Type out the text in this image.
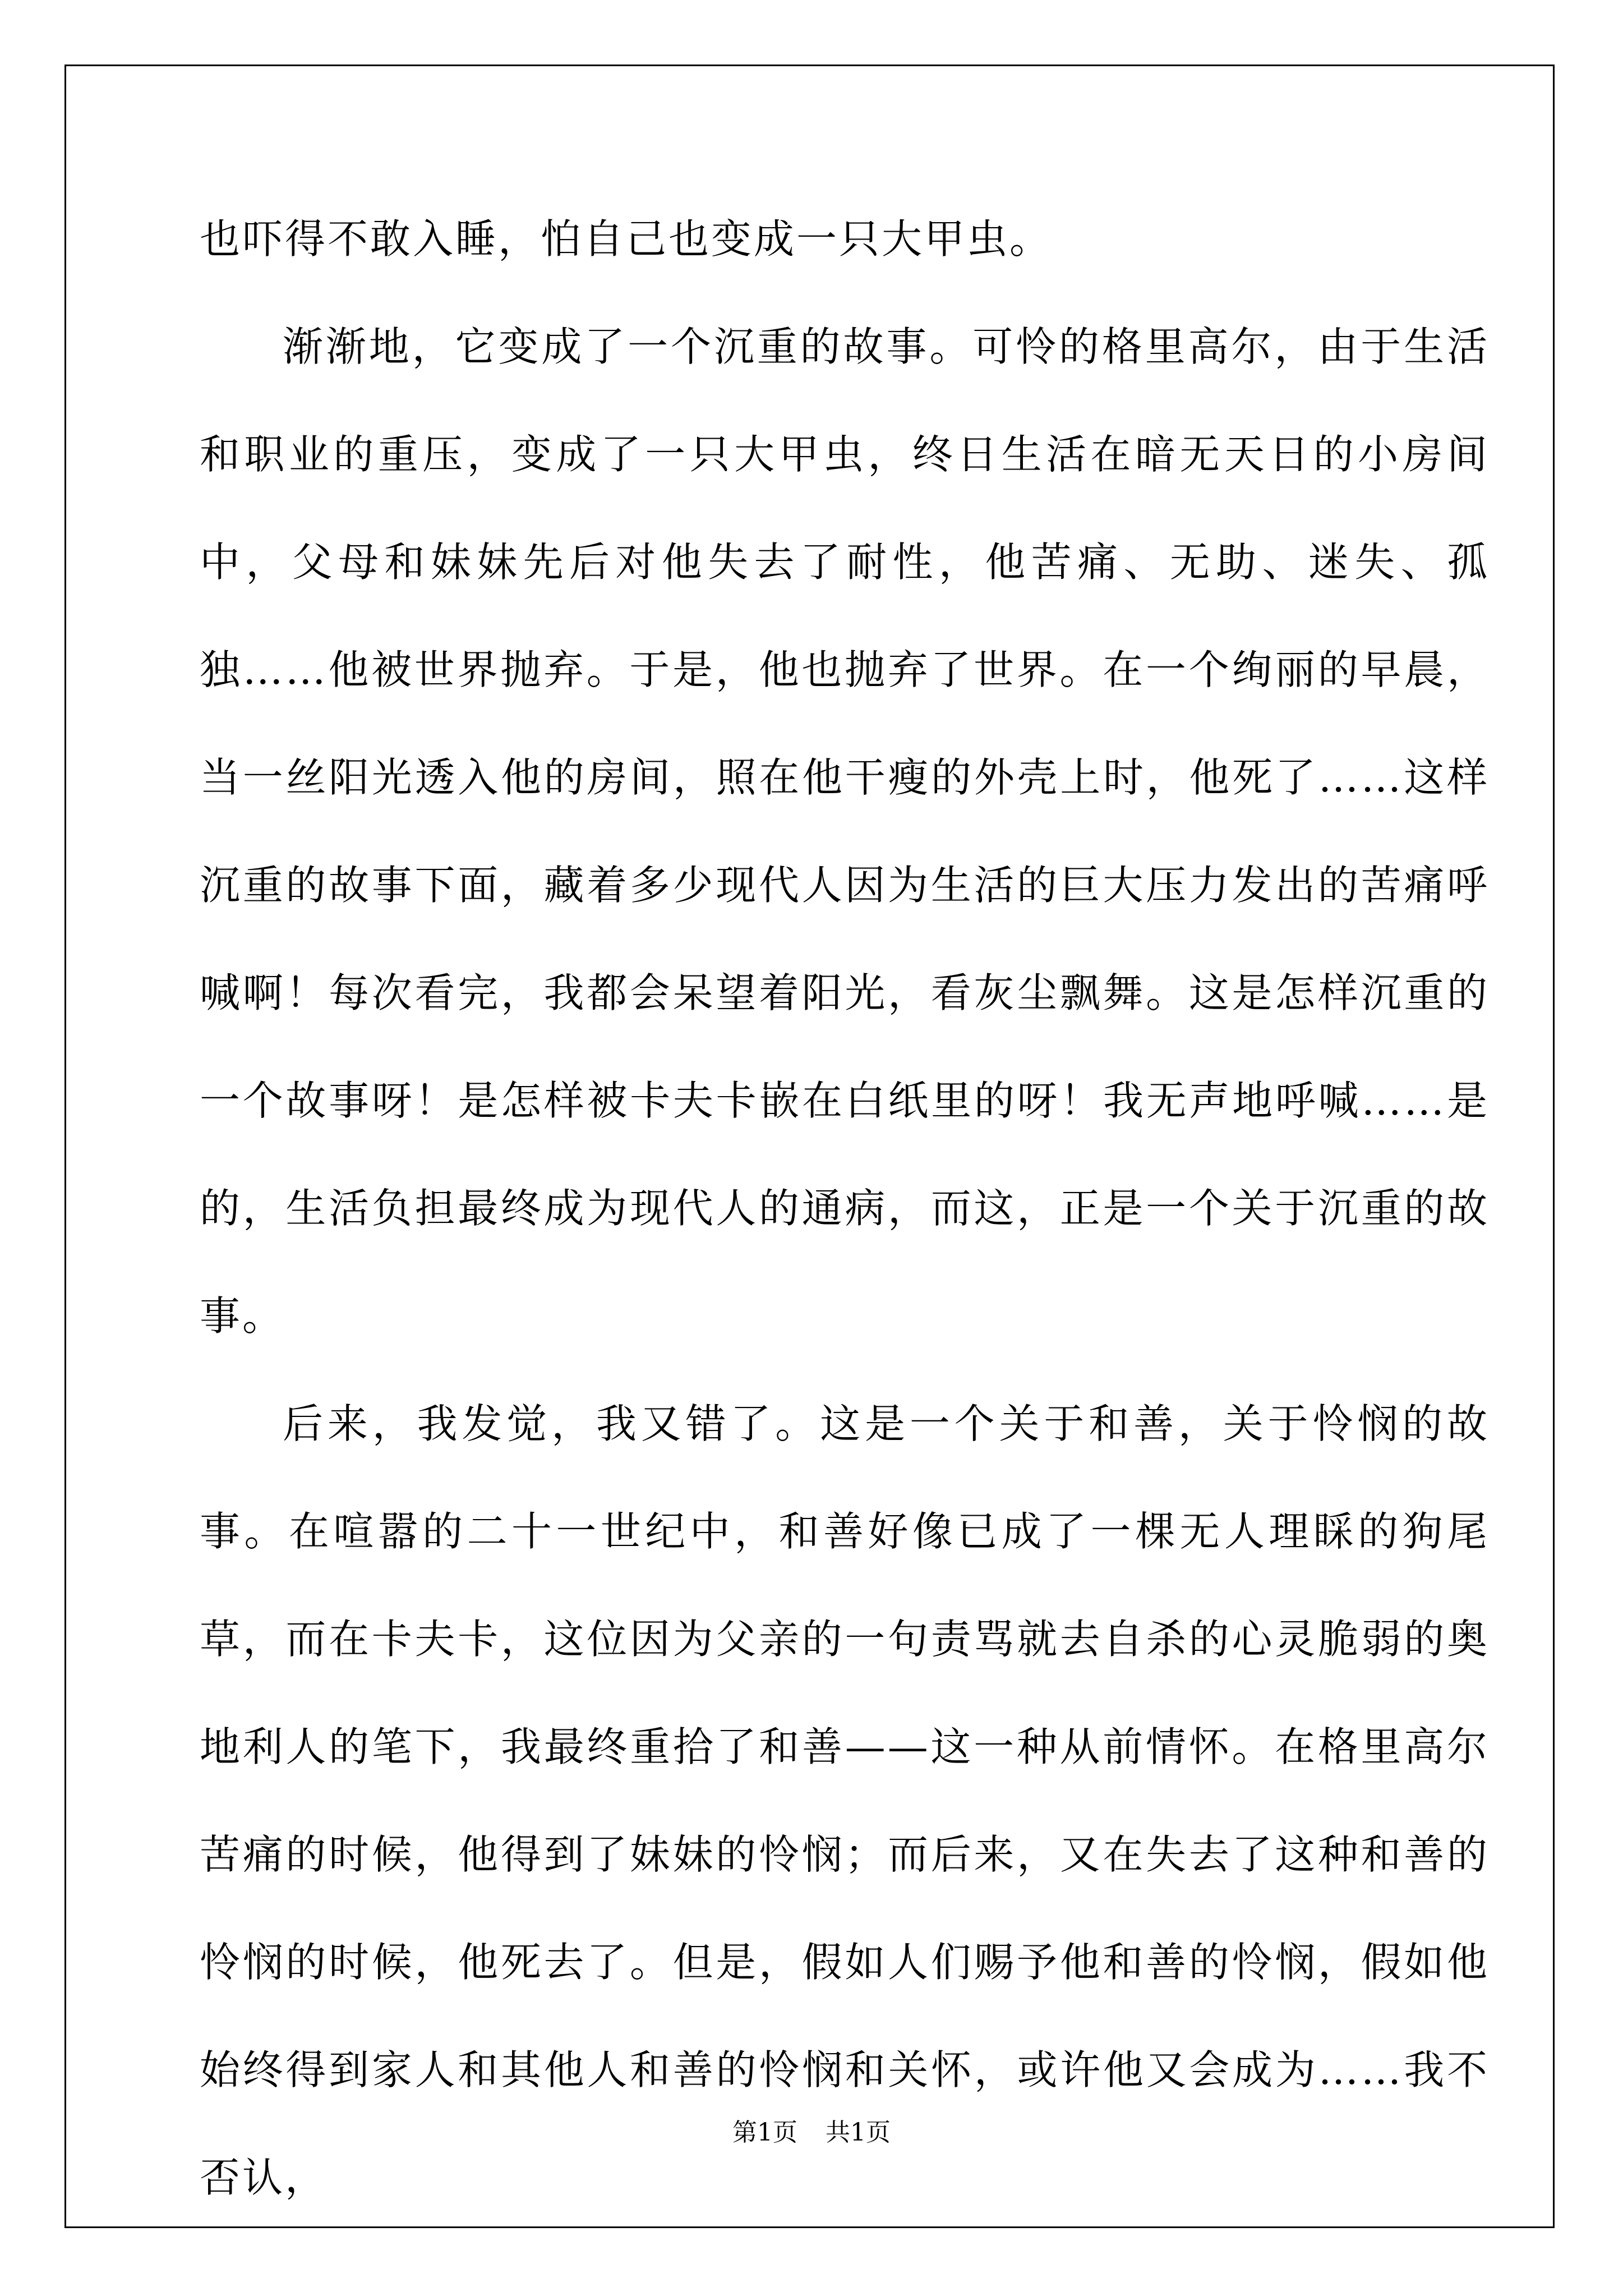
也吓得不敢入睡，怕自己也变成一只大甲虫。

渐渐地，它变成了一个沉重的故事。可怜的格里高尔，由于生活和职业的重压，变成了一只大甲虫，终日生活在暗无天日的小房间中，父母和妹妹先后对他失去了耐性，他苦痛、无助、迷失、孤独……他被世界抛弃。于是，他也抛弃了世界。在一个绚丽的早晨，当一丝阳光透入他的房间，照在他干瘦的外壳上时，他死了……这样沉重的故事下面，藏着多少现代人因为生活的巨大压力发出的苦痛呼喊啊！每次看完，我都会呆望着阳光，看灰尘飘舞。这是怎样沉重的一个故事呀！是怎样被卡夫卡嵌在白纸里的呀！我无声地呼喊……是的，生活负担最终成为现代人的通病，而这，正是一个关于沉重的故事。

后来，我发觉，我又错了。这是一个关于和善，关于怜悯的故事。在喧嚣的二十一世纪中，和善好像已成了一棵无人理睬的狗尾草，而在卡夫卡，这位因为父亲的一句责骂就去自杀的心灵脆弱的奥地利人的笔下，我最终重拾了和善——这一种从前情怀。在格里高尔苦痛的时候，他得到了妹妹的怜悯；而后来，又在失去了这种和善的怜悯的时候，他死去了。但是，假如人们赐予他和善的怜悯，假如他始终得到家人和其他人和善的怜悯和关怀，或许他又会成为……我不否认，

第1页 共1页
